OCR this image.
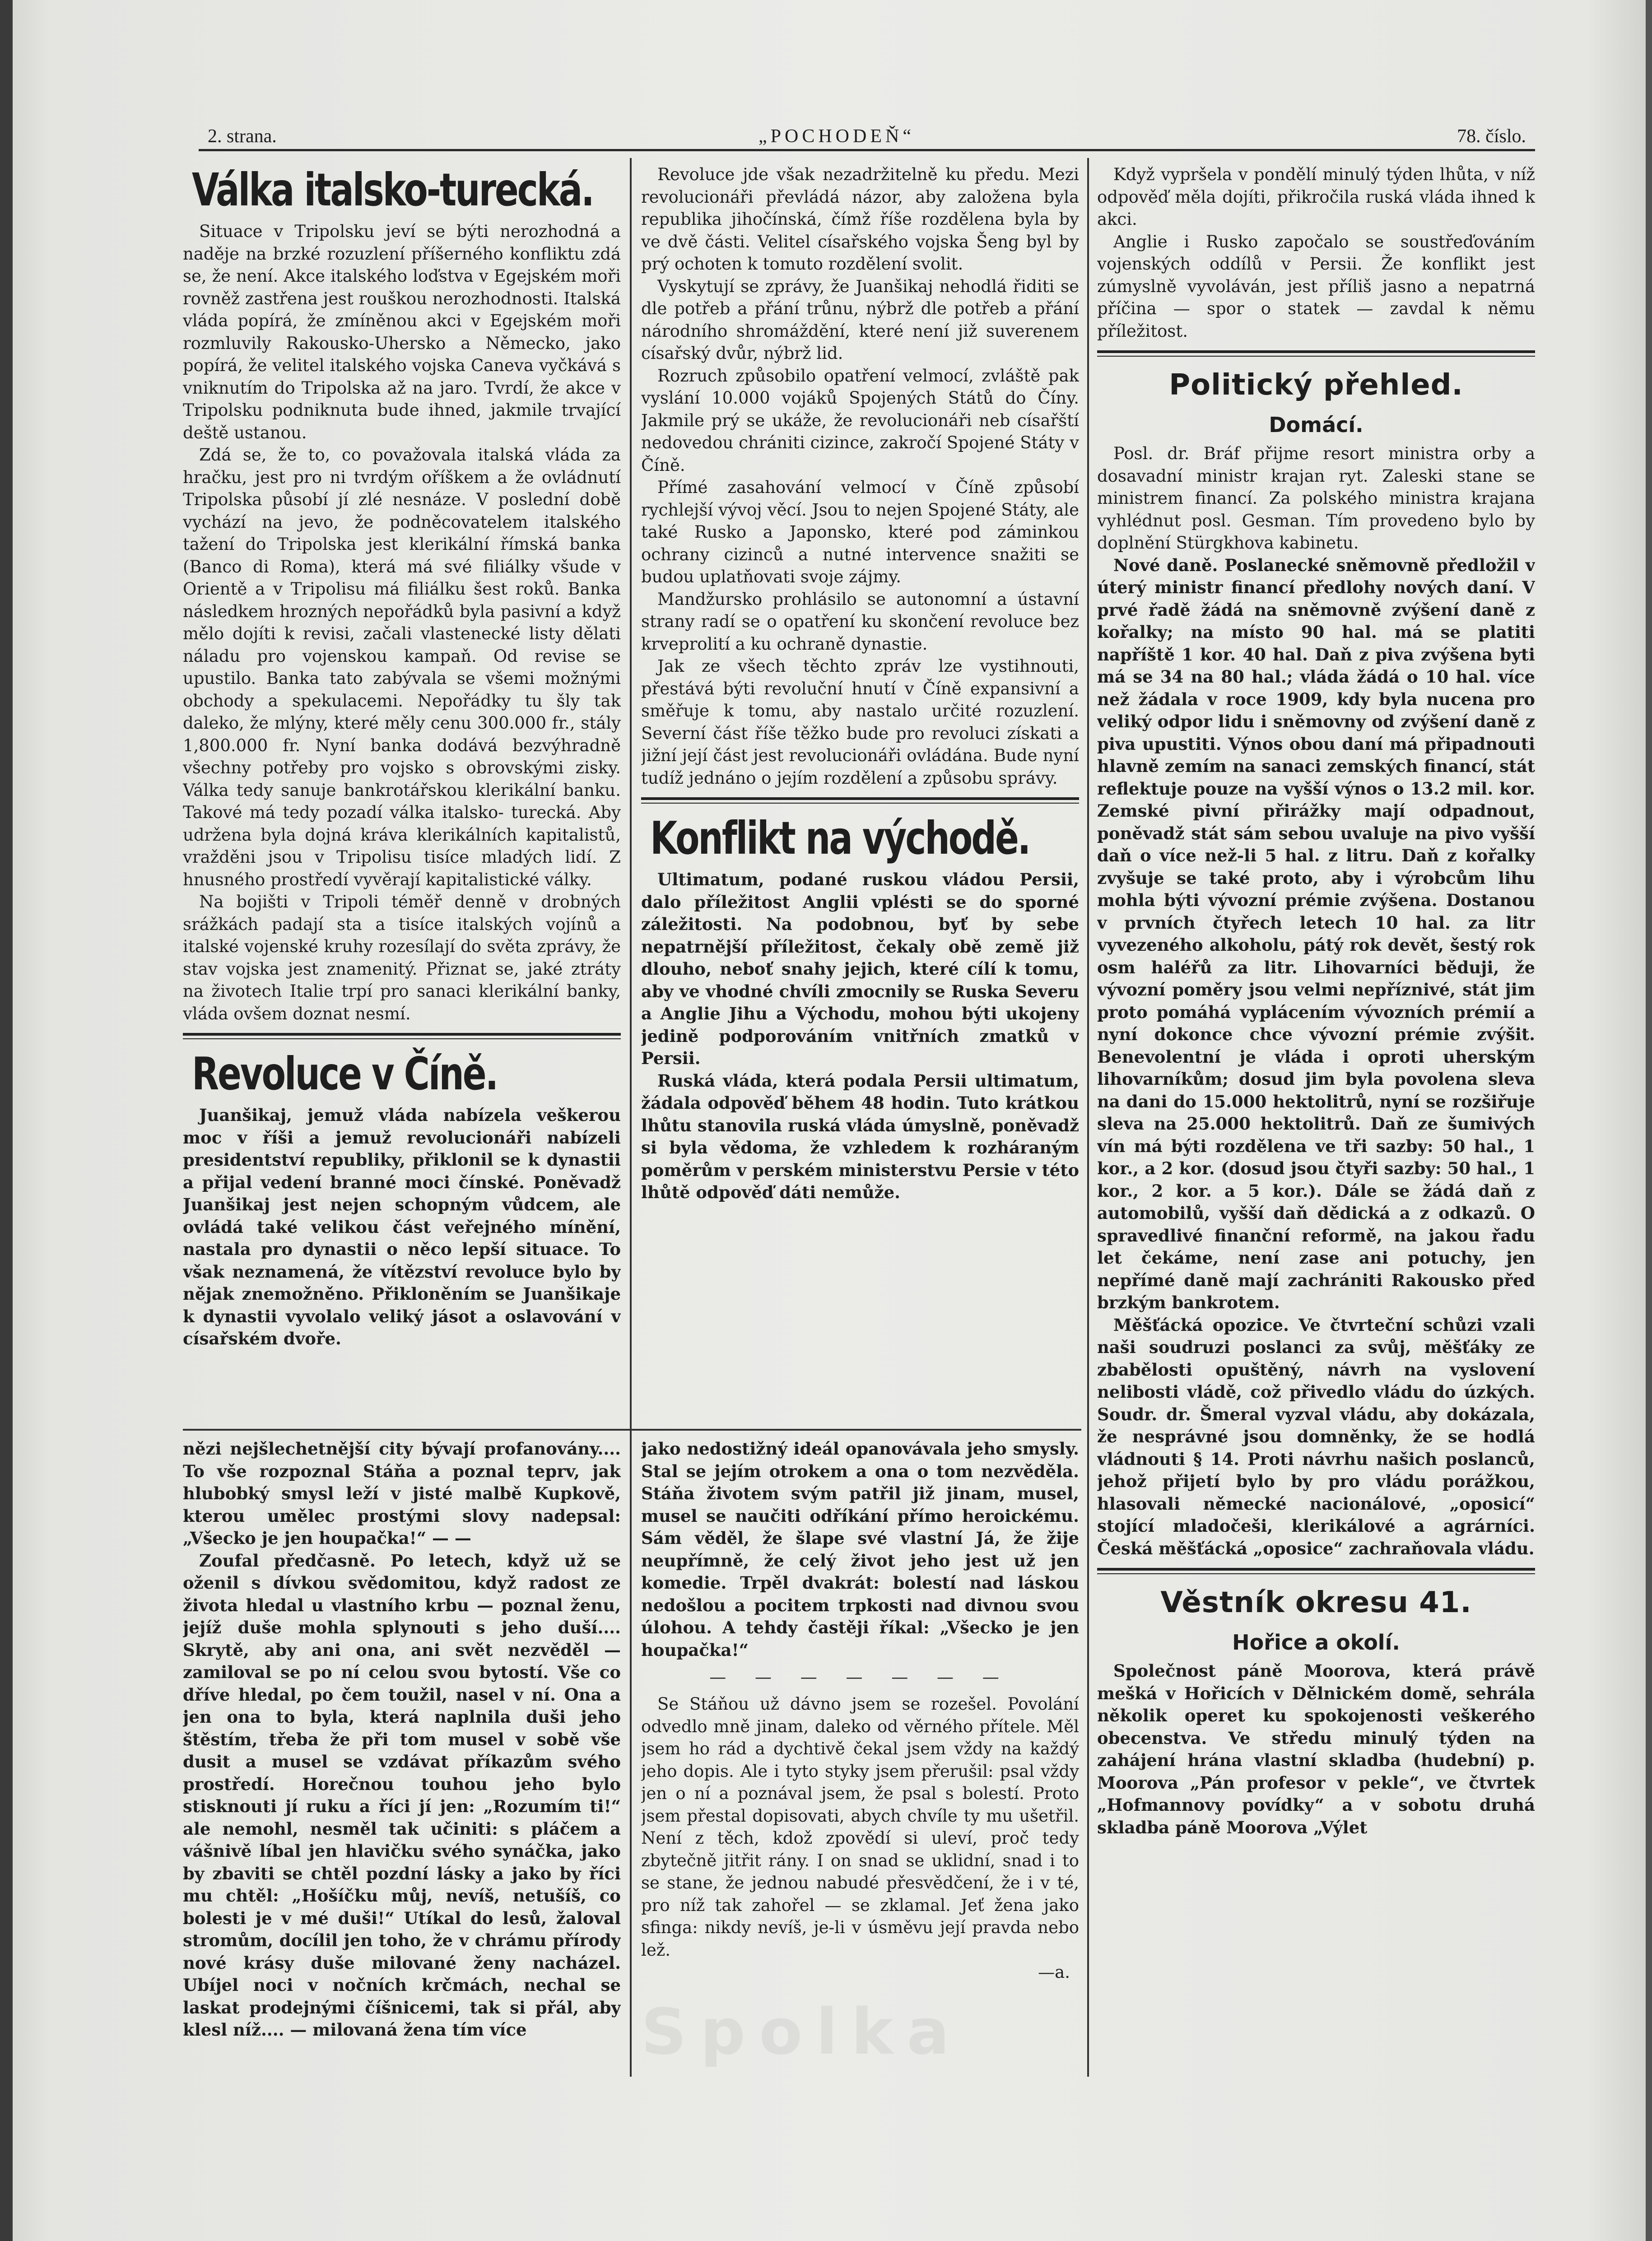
2. strana.	„POCHODEŇ“	78. číslo.
Válka italsko-turecká.

Situace v Tripolsku jeví se býti nerozhodná a naděje na brzké rozuzlení příšerného konfliktu zdá se, že není. Akce italského loďstva v Egejském moři rovněž zastřena jest rouškou nerozhodnosti. Italská vláda popírá, že zmíněnou akci v Egejském moři rozmluvily Rakousko-Uhersko a Německo, jako popírá, že velitel italského vojska Caneva vyčkává s vniknutím do Tripolska až na jaro. Tvrdí, že akce v Tripolsku podniknuta bude ihned, jakmile trvající deště ustanou.

Zdá se, že to, co považovala italská vláda za hračku, jest pro ni tvrdým oříškem a že ovládnutí Tripolska působí jí zlé nesnáze. V poslední době vychází na jevo, že podněcovatelem italského tažení do Tripolska jest klerikální římská banka (Banco di Roma), která má své filiálky všude v Orientě a v Tripolisu má filiálku šest roků. Banka následkem hrozných nepořádků byla pasivní a když mělo dojíti k revisi, začali vlastenecké listy dělati náladu pro vojenskou kampaň. Od revise se upustilo. Banka tato zabývala se všemi možnými obchody a spekulacemi. Nepořádky tu šly tak daleko, že mlýny, které měly cenu 300.000 fr., stály 1,800.000 fr. Nyní banka dodává bezvýhradně všechny potřeby pro vojsko s obrovskými zisky. Válka tedy sanuje bankrotářskou klerikální banku. Takové má tedy pozadí válka italsko- turecká. Aby udržena byla dojná kráva klerikálních kapitalistů, vražděni jsou v Tripolisu tisíce mladých lidí. Z hnusného prostředí vyvěrají kapitalistické války.

Na bojišti v Tripoli téměř denně v drobných srážkách padají sta a tisíce italských vojínů a italské vojenské kruhy rozesílají do světa zprávy, že stav vojska jest znamenitý. Přiznat se, jaké ztráty na životech Italie trpí pro sanaci klerikální banky, vláda ovšem doznat nesmí.

Revoluce v Číně.

Juanšikaj, jemuž vláda nabízela veškerou moc v říši a jemuž revolucionáři nabízeli presidentství republiky, přiklonil se k dynastii a přijal vedení branné moci čínské. Poněvadž Juanšikaj jest nejen schopným vůdcem, ale ovládá také velikou část veřejného mínění, nastala pro dynastii o něco lepší situace. To však neznamená, že vítězství revoluce bylo by nějak znemožněno. Přikloněním se Juanšikaje k dynastii vyvolalo veliký jásot a oslavování v císařském dvoře.

Revoluce jde však nezadržitelně ku předu. Mezi revolucionáři převládá názor, aby založena byla republika jihočínská, čímž říše rozdělena byla by ve dvě části. Velitel císařského vojska Šeng byl by prý ochoten k tomuto rozdělení svolit.

Vyskytují se zprávy, že Juanšikaj nehodlá řiditi se dle potřeb a přání trůnu, nýbrž dle potřeb a přání národního shromáždění, které není již suverenem císařský dvůr, nýbrž lid.

Rozruch způsobilo opatření velmocí, zvláště pak vyslání 10.000 vojáků Spojených Států do Číny. Jakmile prý se ukáže, že revolucionáři neb císařští nedovedou chrániti cizince, zakročí Spojené Státy v Číně.

Přímé zasahování velmocí v Číně způsobí rychlejší vývoj věcí. Jsou to nejen Spojené Státy, ale také Rusko a Japonsko, které pod záminkou ochrany cizinců a nutné intervence snažiti se budou uplatňovati svoje zájmy.

Mandžursko prohlásilo se autonomní a ústavní strany radí se o opatření ku skončení revoluce bez krveprolití a ku ochraně dynastie.

Jak ze všech těchto zpráv lze vystihnouti, přestává býti revoluční hnutí v Číně expansivní a směřuje k tomu, aby nastalo určité rozuzlení. Severní část říše těžko bude pro revoluci získati a jižní její část jest revolucionáři ovládána. Bude nyní tudíž jednáno o jejím rozdělení a způsobu správy.

Konflikt na východě.

Ultimatum, podané ruskou vládou Persii, dalo příležitost Anglii vplésti se do sporné záležitosti. Na podobnou, byť by sebe nepatrnější příležitost, čekaly obě země již dlouho, neboť snahy jejich, které cílí k tomu, aby ve vhodné chvíli zmocnily se Ruska Severu a Anglie Jihu a Východu, mohou býti ukojeny jedině podporováním vnitřních zmatků v Persii.

Ruská vláda, která podala Persii ultimatum, žádala odpověď během 48 hodin. Tuto krátkou lhůtu stanovila ruská vláda úmyslně, poněvadž si byla vědoma, že vzhledem k rozháraným poměrům v perském ministerstvu Persie v této lhůtě odpověď dáti nemůže.

Když vypršela v pondělí minulý týden lhůta, v níž odpověď měla dojíti, přikročila ruská vláda ihned k akci.

Anglie i Rusko započalo se soustřeďováním vojenských oddílů v Persii. Že konflikt jest zúmyslně vyvoláván, jest příliš jasno a nepatrná příčina — spor o statek — zavdal k němu příležitost.

Politický přehled.
Domácí.

Posl. dr. Bráf přijme resort ministra orby a dosavadní ministr krajan ryt. Zaleski stane se ministrem financí. Za polského ministra krajana vyhlédnut posl. Gesman. Tím provedeno bylo by doplnění Stürgkhova kabinetu.

Nové daně. Poslanecké sněmovně předložil v úterý ministr financí předlohy nových daní. V prvé řadě žádá na sněmovně zvýšení daně z kořalky; na místo 90 hal. má se platiti napříště 1 kor. 40 hal. Daň z piva zvýšena byti má se 34 na 80 hal.; vláda žádá o 10 hal. více než žádala v roce 1909, kdy byla nucena pro veliký odpor lidu i sněmovny od zvýšení daně z piva upustiti. Výnos obou daní má připadnouti hlavně zemím na sanaci zemských financí, stát reflektuje pouze na vyšší výnos o 13.2 mil. kor. Zemské pivní přirážky mají odpadnout, poněvadž stát sám sebou uvaluje na pivo vyšší daň o více než-li 5 hal. z litru. Daň z kořalky zvyšuje se také proto, aby i výrobcům lihu mohla býti vývozní prémie zvýšena. Dostanou v prvních čtyřech letech 10 hal. za litr vyvezeného alkoholu, pátý rok devět, šestý rok osm haléřů za litr. Lihovarníci běduji, že vývozní poměry jsou velmi nepříznivé, stát jim proto pomáhá vyplácením vývozních prémií a nyní dokonce chce vývozní prémie zvýšit. Benevolentní je vláda i oproti uherským lihovarníkům; dosud jim byla povolena sleva na dani do 15.000 hektolitrů, nyní se rozšiřuje sleva na 25.000 hektolitrů. Daň ze šumivých vín má býti rozdělena ve tři sazby: 50 hal., 1 kor., a 2 kor. (dosud jsou čtyři sazby: 50 hal., 1 kor., 2 kor. a 5 kor.). Dále se žádá daň z automobilů, vyšší daň dědická a z odkazů. O spravedlivé finanční reformě, na jakou řadu let čekáme, není zase ani potuchy, jen nepřímé daně mají zachrániti Rakousko před brzkým bankrotem.

Měšťácká opozice. Ve čtvrteční schůzi vzali naši soudruzi poslanci za svůj, měšťáky ze zbabělosti opuštěný, návrh na vyslovení nelibosti vládě, což přivedlo vládu do úzkých. Soudr. dr. Šmeral vyzval vládu, aby dokázala, že nesprávné jsou domněnky, že se hodlá vládnouti § 14. Proti návrhu našich poslanců, jehož přijetí bylo by pro vládu porážkou, hlasovali německé nacionálové, „oposicí“ stojící mladočeši, klerikálové a agrárníci. Česká měšťácká „oposice“ zachraňovala vládu.

Věstník okresu 41.
Hořice a okolí.

Společnost páně Moorova, která právě mešká v Hořicích v Dělnickém domě, sehrála několik operet ku spokojenosti veškerého obecenstva. Ve středu minulý týden na zahájení hrána vlastní skladba (hudební) p. Moorova „Pán profesor v pekle“, ve čtvrtek „Hofmannovy povídky“ a v sobotu druhá skladba páně Moorova „Výlet

nězi nejšlechetnější city bývají profanovány.... To vše rozpoznal Stáňa a poznal teprv, jak hlubobký smysl leží v jisté malbě Kupkově, kterou umělec prostými slovy nadepsal: „Všecko je jen houpačka!“ — —

Zoufal předčasně. Po letech, když už se oženil s dívkou svědomitou, když radost ze života hledal u vlastního krbu — poznal ženu, jejíž duše mohla splynouti s jeho duší.... Skrytě, aby ani ona, ani svět nezvěděl — zamiloval se po ní celou svou bytostí. Vše co dříve hledal, po čem toužil, nasel v ní. Ona a jen ona to byla, která naplnila duši jeho štěstím, třeba že při tom musel v sobě vše dusit a musel se vzdávat příkazům svého prostředí. Horečnou touhou jeho bylo stisknouti jí ruku a říci jí jen: „Rozumím ti!“ ale nemohl, nesměl tak učiniti: s pláčem a vášnivě líbal jen hlavičku svého synáčka, jako by zbaviti se chtěl pozdní lásky a jako by říci mu chtěl: „Hošíčku můj, nevíš, netušíš, co bolesti je v mé duši!“ Utíkal do lesů, žaloval stromům, docílil jen toho, že v chrámu přírody nové krásy duše milované ženy nacházel. Ubíjel noci v nočních krčmách, nechal se laskat prodejnými číšnicemi, tak si přál, aby klesl níž.... — milovaná žena tím více

jako nedostižný ideál opanovávala jeho smysly. Stal se jejím otrokem a ona o tom nezvěděla. Stáňa životem svým patřil již jinam, musel, musel se naučiti odříkání přímo heroickému. Sám věděl, že šlape své vlastní Já, že žije neupřímně, že celý život jeho jest už jen komedie. Trpěl dvakrát: bolestí nad láskou nedošlou a pocitem trpkosti nad divnou svou úlohou. A tehdy častěji říkal: „Všecko je jen houpačka!“

— — — — — — —

Se Stáňou už dávno jsem se rozešel. Povolání odvedlo mně jinam, daleko od věrného přítele. Měl jsem ho rád a dychtivě čekal jsem vždy na každý jeho dopis. Ale i tyto styky jsem přerušil: psal vždy jen o ní a poznával jsem, že psal s bolestí. Proto jsem přestal dopisovati, abych chvíle ty mu ušetřil. Není z těch, kdož zpovědí si uleví, proč tedy zbytečně jitřit rány. I on snad se uklidní, snad i to se stane, že jednou nabudé přesvědčení, že i v té, pro níž tak zahořel — se zklamal. Jeť žena jako sfinga: nikdy nevíš, je-li v úsměvu její pravda nebo lež.

—a.
Spolka
